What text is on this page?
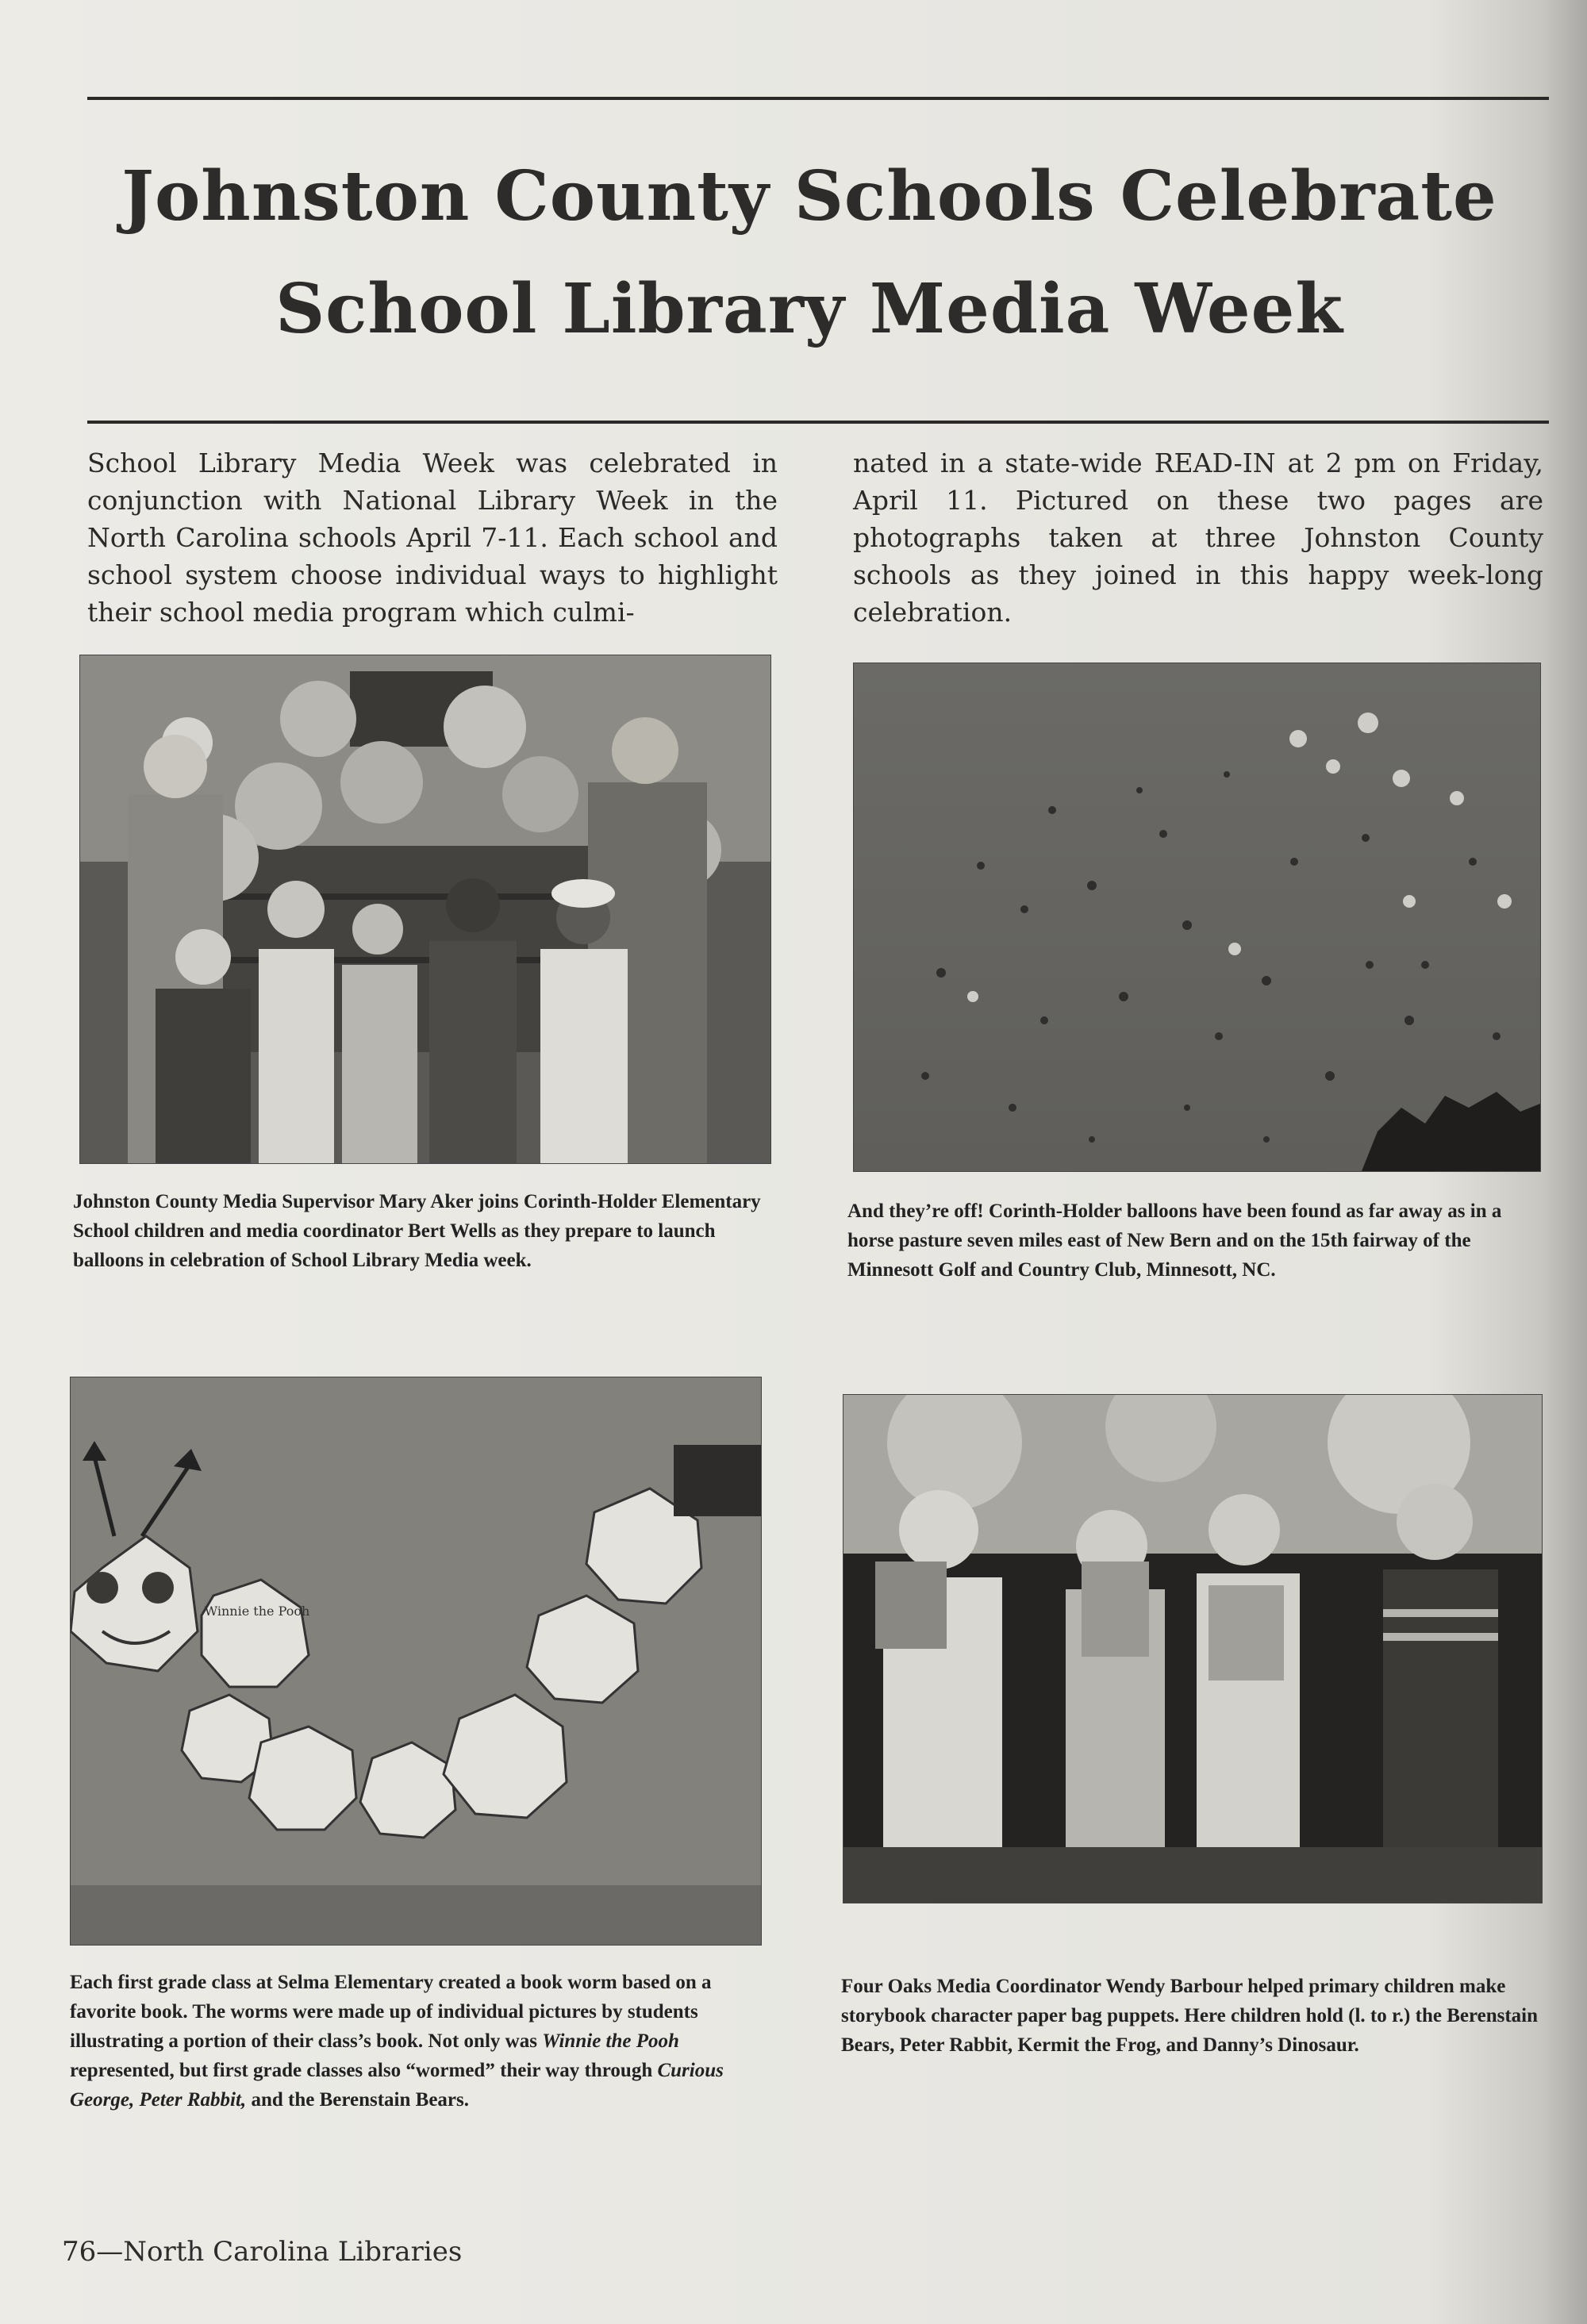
Johnston County Schools Celebrate
School Library Media Week

School Library Media Week was celebrated in conjunction with National Library Week in the North Carolina schools April 7-11. Each school and school system choose individual ways to highlight their school media program which culmi-

nated in a state-wide READ-IN at 2 pm on Friday, April 11. Pictured on these two pages are photographs taken at three Johnston County schools as they joined in this happy week-long celebration.

Johnston County Media Supervisor Mary Aker joins Corinth-Holder Elementary School children and media coordinator Bert Wells as they prepare to launch balloons in celebration of School Library Media week.

And they’re off! Corinth-Holder balloons have been found as far away as in a horse pasture seven miles east of New Bern and on the 15th fairway of the Minnesott Golf and Country Club, Minnesott, NC.

Winnie the Pooh

Each first grade class at Selma Elementary created a book worm based on a favorite book. The worms were made up of individual pictures by students illustrating a portion of their class’s book. Not only was Winnie the Pooh represented, but first grade classes also “wormed” their way through Curious George, Peter Rabbit, and the Berenstain Bears.

Four Oaks Media Coordinator Wendy Barbour helped primary children make storybook character paper bag puppets. Here children hold (l. to r.) the Berenstain Bears, Peter Rabbit, Kermit the Frog, and Danny’s Dinosaur.

76—North Carolina Libraries
